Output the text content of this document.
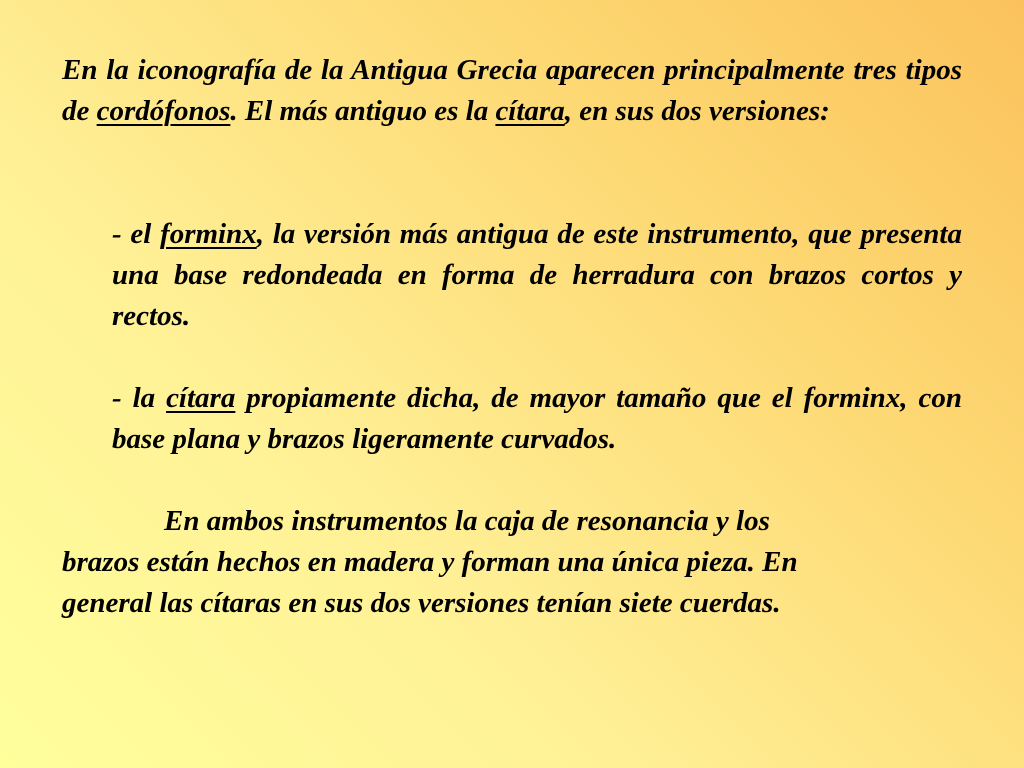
En la iconografía de la Antigua Grecia aparecen principalmente tres tipos de cordófonos. El más antiguo es la cítara, en sus dos versiones:

- el forminx, la versión más antigua de este instrumento, que presenta una base redondeada en forma de herradura con brazos cortos y rectos.

- la cítara propiamente dicha, de mayor tamaño que el forminx, con base plana y brazos ligeramente curvados.

En ambos instrumentos la caja de resonancia y los
brazos están hechos en madera y forman una única pieza. En
general las cítaras en sus dos versiones tenían siete cuerdas.
